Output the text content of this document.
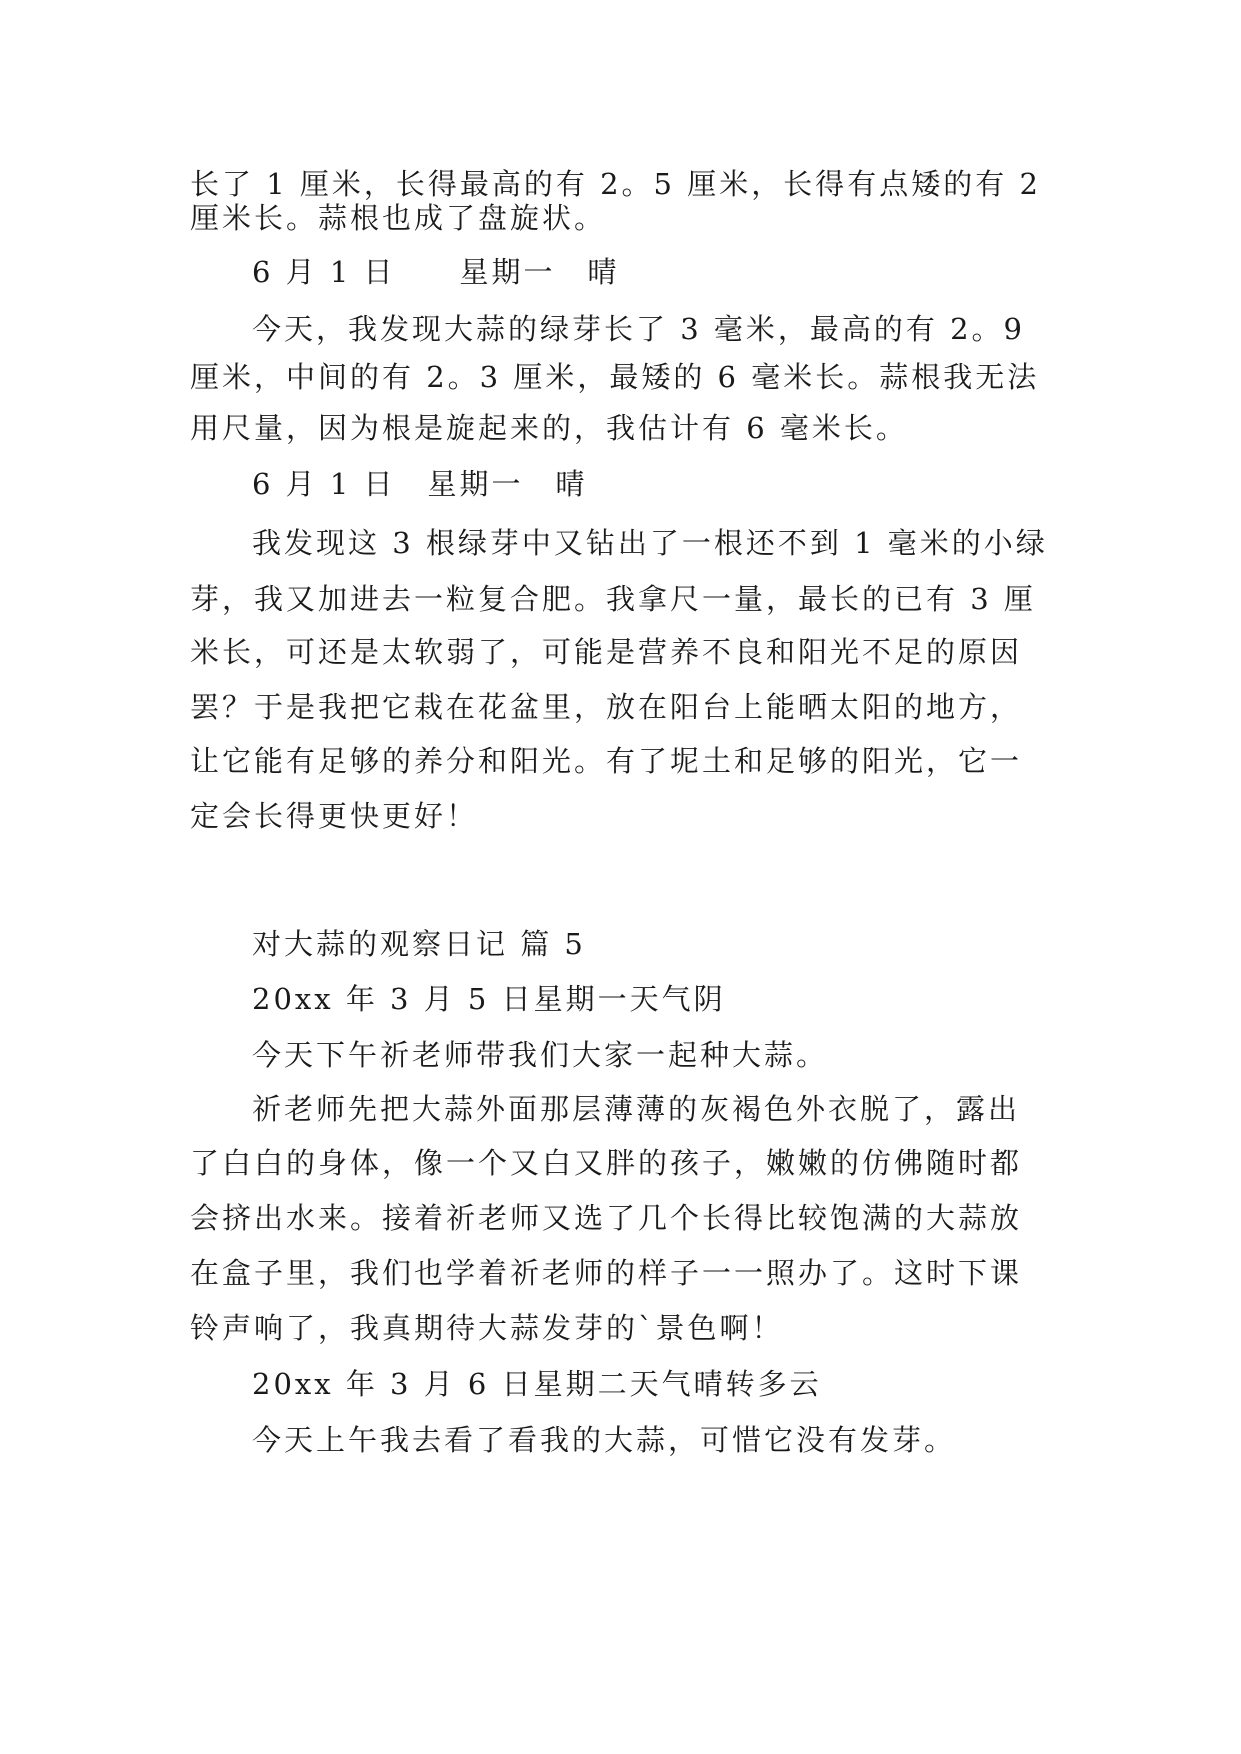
长了 1 厘米，长得最高的有 2。5 厘米，长得有点矮的有 2

厘米长。蒜根也成了盘旋状。

6 月 1 日　　星期一　晴

今天，我发现大蒜的绿芽长了 3 毫米，最高的有 2。9

厘米，中间的有 2。3 厘米，最矮的 6 毫米长。蒜根我无法

用尺量，因为根是旋起来的，我估计有 6 毫米长。

6 月 1 日　星期一　晴

我发现这 3 根绿芽中又钻出了一根还不到 1 毫米的小绿

芽，我又加进去一粒复合肥。我拿尺一量，最长的已有 3 厘

米长，可还是太软弱了，可能是营养不良和阳光不足的原因

罢？于是我把它栽在花盆里，放在阳台上能晒太阳的地方，

让它能有足够的养分和阳光。有了坭土和足够的阳光，它一

定会长得更快更好！

对大蒜的观察日记 篇 5

20xx 年 3 月 5 日星期一天气阴

今天下午祈老师带我们大家一起种大蒜。

祈老师先把大蒜外面那层薄薄的灰褐色外衣脱了，露出

了白白的身体，像一个又白又胖的孩子，嫩嫩的仿佛随时都

会挤出水来。接着祈老师又选了几个长得比较饱满的大蒜放

在盒子里，我们也学着祈老师的样子一一照办了。这时下课

铃声响了，我真期待大蒜发芽的`景色啊！

20xx 年 3 月 6 日星期二天气晴转多云

今天上午我去看了看我的大蒜，可惜它没有发芽。
